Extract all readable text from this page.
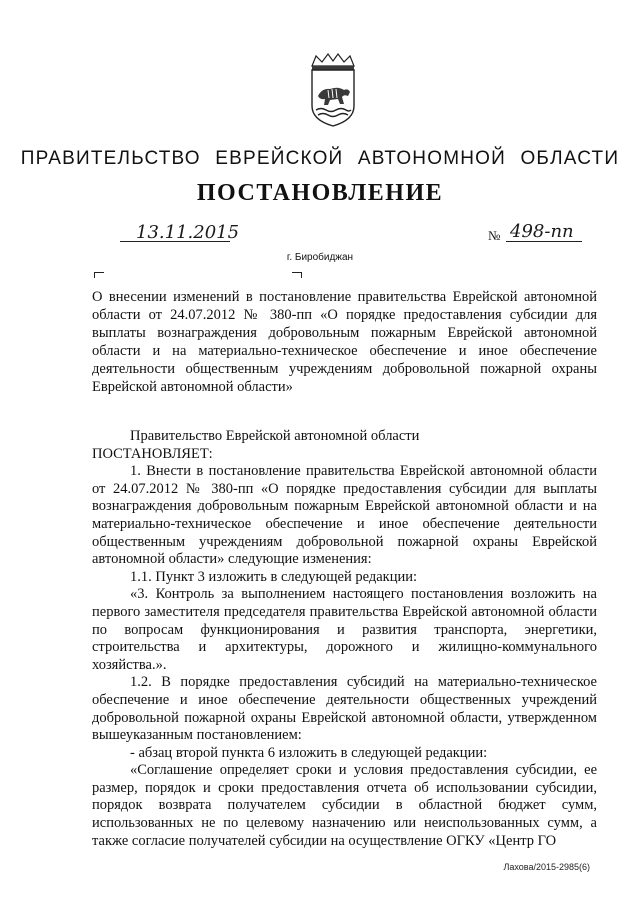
ПРАВИТЕЛЬСТВО ЕВРЕЙСКОЙ АВТОНОМНОЙ ОБЛАСТИ
ПОСТАНОВЛЕНИЕ
13.11.2015	№ 498-пп
г. Биробиджан
О внесении изменений в постановление правительства Еврейской автономной области от 24.07.2012 № 380-пп «О порядке предоставления субсидии для выплаты вознаграждения добровольным пожарным Еврейской автономной области и на материально-техническое обеспечение и иное обеспечение деятельности общественным учреждениям добровольной пожарной охраны Еврейской автономной области»

Правительство Еврейской автономной области

ПОСТАНОВЛЯЕТ:

1. Внести в постановление правительства Еврейской автономной области от 24.07.2012 № 380-пп «О порядке предоставления субсидии для выплаты вознаграждения добровольным пожарным Еврейской автономной области и на материально-техническое обеспечение и иное обеспечение деятельности общественным учреждениям добровольной пожарной охраны Еврейской автономной области» следующие изменения:

1.1. Пункт 3 изложить в следующей редакции:

«3. Контроль за выполнением настоящего постановления возложить на первого заместителя председателя правительства Еврейской автономной области по вопросам функционирования и развития транспорта, энергетики, строительства и архитектуры, дорожного и жилищно-коммунального хозяйства.».

1.2. В порядке предоставления субсидий на материально-техническое обеспечение и иное обеспечение деятельности общественных учреждений добровольной пожарной охраны Еврейской автономной области, утвержденном вышеуказанным постановлением:

- абзац второй пункта 6 изложить в следующей редакции:

«Соглашение определяет сроки и условия предоставления субсидии, ее размер, порядок и сроки предоставления отчета об использовании субсидии, порядок возврата получателем субсидии в областной бюджет сумм, использованных не по целевому назначению или неиспользованных сумм, а также согласие получателей субсидии на осуществление ОГКУ «Центр ГО

Лахова/2015-2985(6)
